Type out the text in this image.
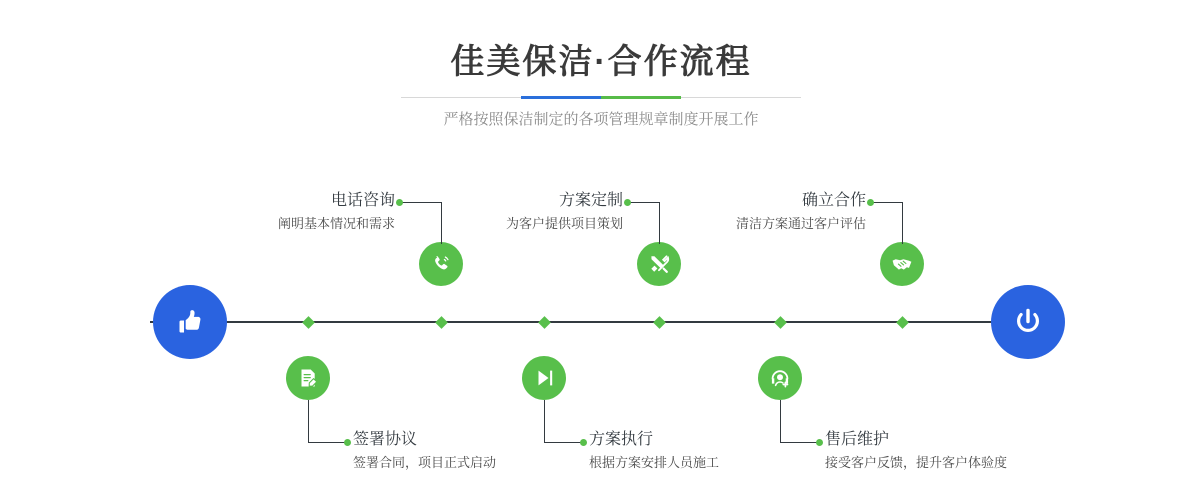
佳美保洁·合作流程
严格按照保洁制定的各项管理规章制度开展工作
电话咨询
阐明基本情况和需求
签署协议
签署合同，项目正式启动
方案定制
为客户提供项目策划
方案执行
根据方案安排人员施工
售后维护
接受客户反馈，提升客户体验度
确立合作
清洁方案通过客户评估
